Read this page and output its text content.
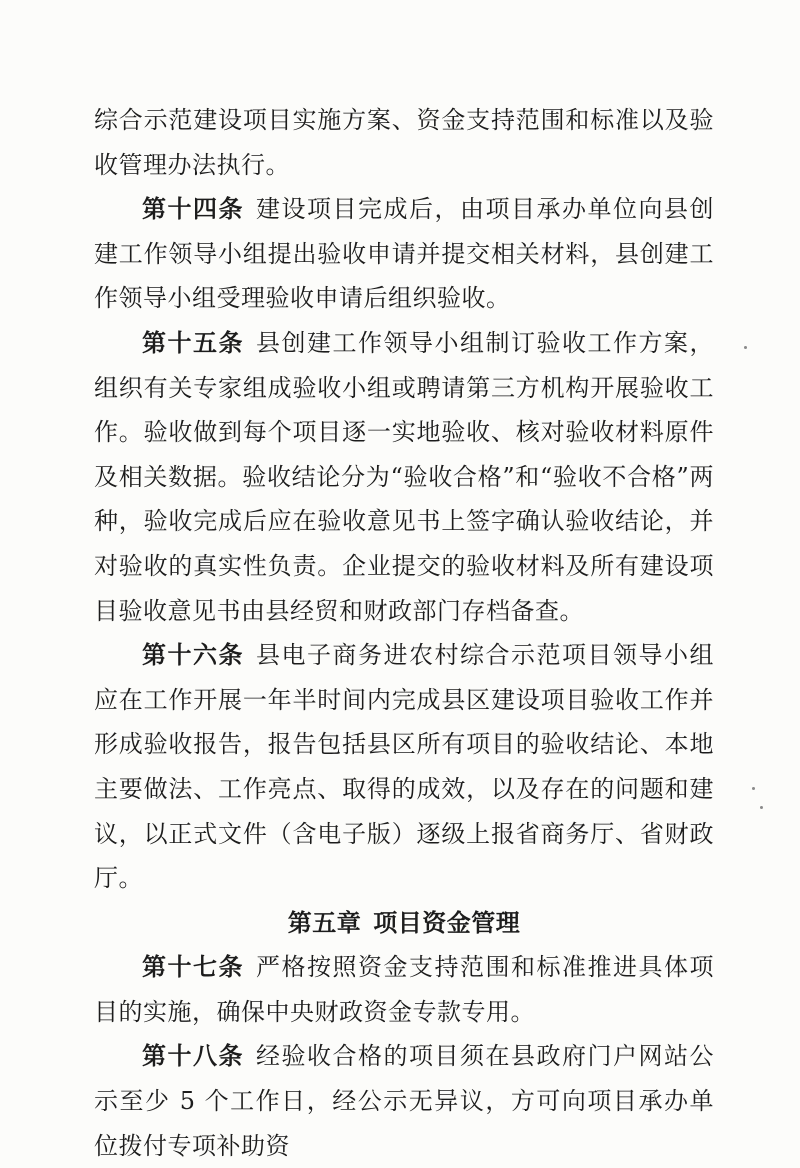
综合示范建设项目实施方案、资金支持范围和标准以及验收管理办法执行。

第十四条 建设项目完成后，由项目承办单位向县创建工作领导小组提出验收申请并提交相关材料，县创建工作领导小组受理验收申请后组织验收。

第十五条 县创建工作领导小组制订验收工作方案，组织有关专家组成验收小组或聘请第三方机构开展验收工作。验收做到每个项目逐一实地验收、核对验收材料原件及相关数据。验收结论分为“验收合格”和“验收不合格”两种，验收完成后应在验收意见书上签字确认验收结论，并对验收的真实性负责。企业提交的验收材料及所有建设项目验收意见书由县经贸和财政部门存档备查。

第十六条 县电子商务进农村综合示范项目领导小组应在工作开展一年半时间内完成县区建设项目验收工作并形成验收报告，报告包括县区所有项目的验收结论、本地主要做法、工作亮点、取得的成效，以及存在的问题和建议，以正式文件（含电子版）逐级上报省商务厅、省财政厅。

第五章 项目资金管理

第十七条 严格按照资金支持范围和标准推进具体项目的实施，确保中央财政资金专款专用。

第十八条 经验收合格的项目须在县政府门户网站公示至少 5 个工作日，经公示无异议，方可向项目承办单位拨付专项补助资
